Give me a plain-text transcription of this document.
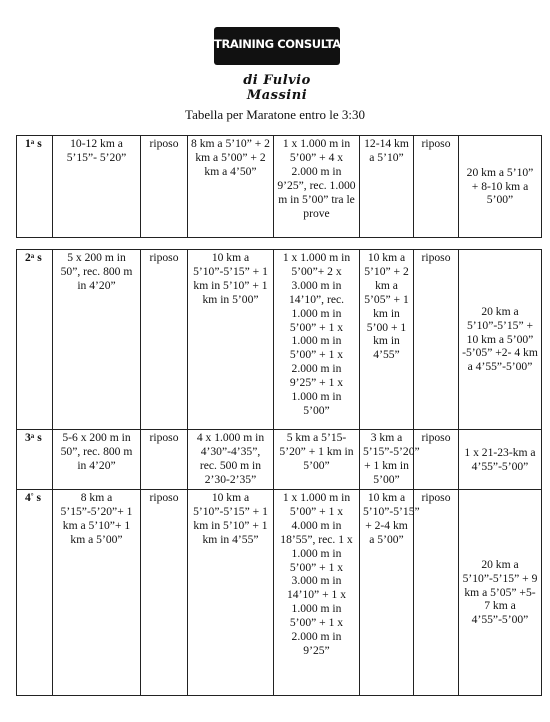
TRAINING CONSULTANT
di Fulvio Massini
Tabella per Maratone entro le 3:30
1$^a$ s	10-12 km a 5’15”- 5’20”	riposo	8 km a 5’10” + 2 km a 5’00” + 2 km a 4’50”	1 x 1.000 m in 5’00” + 4 x 2.000 m in 9’25”, rec. 1.000 m in 5’00” tra le prove	12-14 km a 5’10”	riposo	20 km a 5’10” + 8-10 km a 5’00”
2$^a$ s	5 x 200 m in 50”, rec. 800 m in 4’20”	riposo	10 km a 5’10”-5’15” + 1 km in 5’10” + 1 km in 5’00”	1 x 1.000 m in 5’00”+ 2 x 3.000 m in 14’10”, rec. 1.000 m in 5’00” + 1 x 1.000 m in 5’00” + 1 x 2.000 m in 9’25” + 1 x 1.000 m in 5’00”	10 km a 5’10” + 2 km a 5’05” + 1 km in 5’00 + 1 km in 4’55”	riposo	20 km a 5’10”-5’15” + 10 km a 5’00” -5’05” +2- 4 km a 4’55”-5’00”
3$^a$ s	5-6 x 200 m in 50”, rec. 800 m in 4’20”	riposo	4 x 1.000 m in 4’30”-4’35”, rec. 500 m in 2’30-2’35”	5 km a 5’15-5’20” + 1 km in 5’00”	3 km a 5’15”-5’20” + 1 km in 5’00”	riposo	1 x 21-23-km a 4’55”-5’00”
4° s	8 km a 5’15”-5’20”+ 1 km a 5’10”+ 1 km a 5’00”	riposo	10 km a 5’10”-5’15” + 1 km in 5’10” + 1 km in 4’55”	1 x 1.000 m in 5’00” + 1 x 4.000 m in 18’55”, rec. 1 x 1.000 m in 5’00” + 1 x 3.000 m in 14’10” + 1 x 1.000 m in 5’00” + 1 x 2.000 m in 9’25”	10 km a 5’10”-5’15” + 2-4 km a 5’00”	riposo	20 km a 5’10”-5’15” + 9 km a 5’05” +5- 7 km a 4’55”-5’00”
